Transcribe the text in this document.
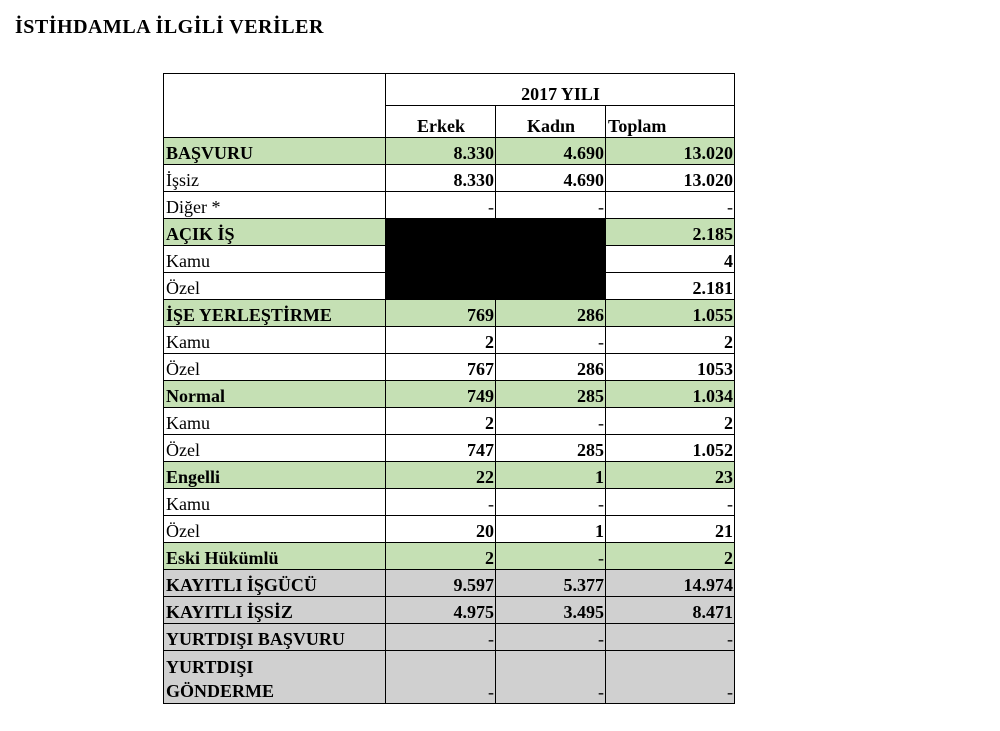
İSTİHDAMLA İLGİLİ VERİLER
	2017 YILI		
	Erkek	Kadın	Toplam
BAŞVURU	8.330	4.690	13.020
İşsiz	8.330	4.690	13.020
Diğer *	-	-	-
AÇIK İŞ			2.185
Kamu			4
Özel			2.181
İŞE YERLEŞTİRME	769	286	1.055
Kamu	2	-	2
Özel	767	286	1053
Normal	749	285	1.034
Kamu	2	-	2
Özel	747	285	1.052
Engelli	22	1	23
Kamu	-	-	-
Özel	20	1	21
Eski Hükümlü	2	-	2
KAYITLI İŞGÜCÜ	9.597	5.377	14.974
KAYITLI İŞSİZ	4.975	3.495	8.471
YURTDIŞI BAŞVURU	-	-	-

YURTDIŞI
GÖNDERME	-	-	-
